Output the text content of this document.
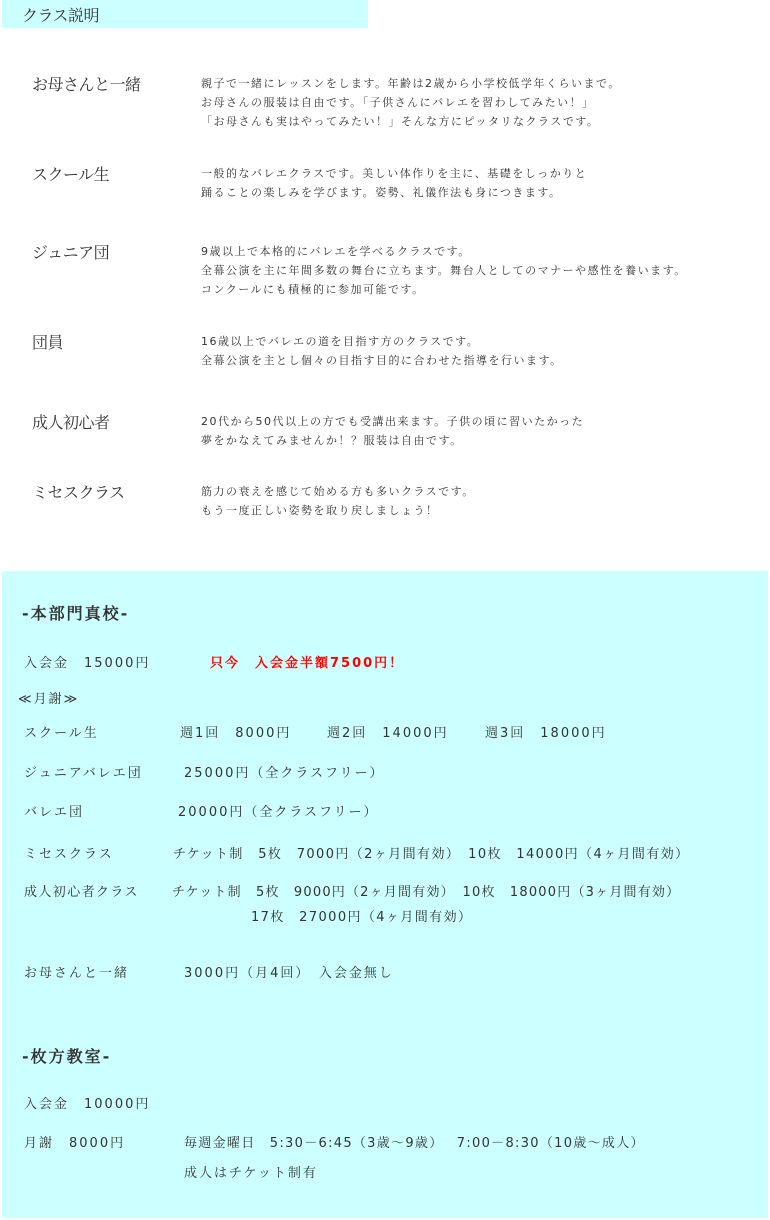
クラス説明
お母さんと一緒	親子で一緒にレッスンをします。年齢は2歳から小学校低学年くらいまで。
お母さんの服装は自由です。「子供さんにバレエを習わしてみたい！」
「お母さんも実はやってみたい！」そんな方にピッタリなクラスです。
スクール生	一般的なバレエクラスです。美しい体作りを主に、基礎をしっかりと
踊ることの楽しみを学びます。姿勢、礼儀作法も身につきます。
ジュニア団	9歳以上で本格的にバレエを学べるクラスです。
全幕公演を主に年間多数の舞台に立ちます。舞台人としてのマナーや感性を養います。
コンクールにも積極的に参加可能です。
団員	16歳以上でバレエの道を目指す方のクラスです。
全幕公演を主とし個々の目指す目的に合わせた指導を行います。
成人初心者	20代から50代以上の方でも受講出来ます。子供の頃に習いたかった
夢をかなえてみませんか！？服装は自由です。
ミセスクラス	筋力の衰えを感じて始める方も多いクラスです。
もう一度正しい姿勢を取り戻しましょう！
-本部門真校-
入会金　15000円	只今　入会金半額7500円！
≪月謝≫
スクール生	週1回　8000円	週2回　14000円	週3回　18000円
ジュニアバレエ団	25000円（全クラスフリー）
バレエ団	20000円（全クラスフリー）
ミセスクラス	チケット制　5枚　7000円（2ヶ月間有効）　10枚　14000円（4ヶ月間有効）
成人初心者クラス	チケット制　5枚　9000円（2ヶ月間有効）　10枚　18000円（3ヶ月間有効）
17枚　27000円（4ヶ月間有効）
お母さんと一緒	3000円（月4回）　入会金無し
-枚方教室-
入会金　10000円
月謝　8000円	毎週金曜日　5:30－6:45（3歳～9歳）　 7:00－8:30（10歳～成人）
成人はチケット制有
